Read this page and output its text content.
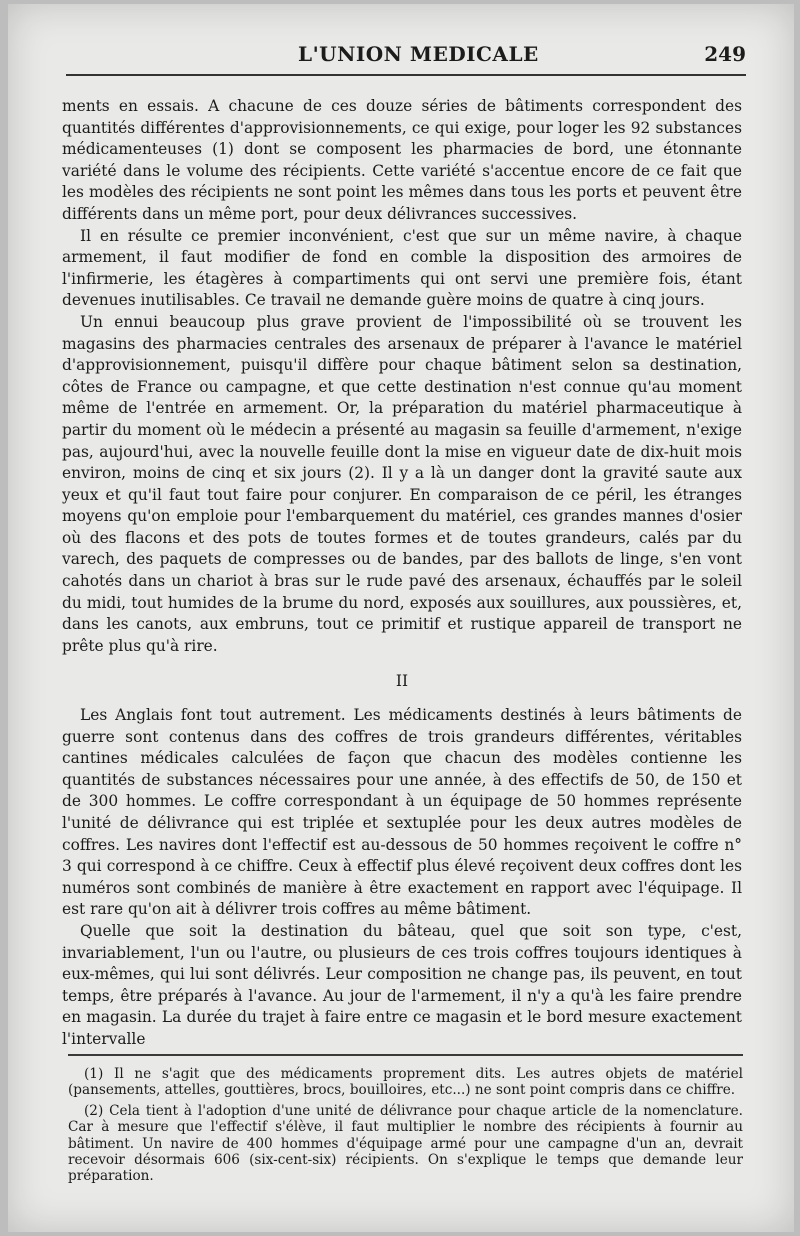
L'UNION MEDICALE	249

ments en essais. A chacune de ces douze séries de bâtiments correspondent des quantités différentes d'approvisionnements, ce qui exige, pour loger les 92 substances médicamenteuses (1) dont se composent les pharmacies de bord, une étonnante variété dans le volume des récipients. Cette variété s'accentue encore de ce fait que les modèles des récipients ne sont point les mêmes dans tous les ports et peuvent être différents dans un même port, pour deux délivrances successives.

Il en résulte ce premier inconvénient, c'est que sur un même navire, à chaque armement, il faut modifier de fond en comble la disposition des armoires de l'infirmerie, les étagères à compartiments qui ont servi une première fois, étant devenues inutilisables. Ce travail ne demande guère moins de quatre à cinq jours.

Un ennui beaucoup plus grave provient de l'impossibilité où se trouvent les magasins des pharmacies centrales des arsenaux de préparer à l'avance le matériel d'approvisionnement, puisqu'il diffère pour chaque bâtiment selon sa destination, côtes de France ou campagne, et que cette destination n'est connue qu'au moment même de l'entrée en armement. Or, la préparation du matériel pharmaceutique à partir du moment où le médecin a présenté au magasin sa feuille d'armement, n'exige pas, aujourd'hui, avec la nouvelle feuille dont la mise en vigueur date de dix-huit mois environ, moins de cinq et six jours (2). Il y a là un danger dont la gravité saute aux yeux et qu'il faut tout faire pour conjurer. En comparaison de ce péril, les étranges moyens qu'on emploie pour l'embarquement du matériel, ces grandes mannes d'osier où des flacons et des pots de toutes formes et de toutes grandeurs, calés par du varech, des paquets de compresses ou de bandes, par des ballots de linge, s'en vont cahotés dans un chariot à bras sur le rude pavé des arsenaux, échauffés par le soleil du midi, tout humides de la brume du nord, exposés aux souillures, aux poussières, et, dans les canots, aux embruns, tout ce primitif et rustique appareil de transport ne prête plus qu'à rire.

II

Les Anglais font tout autrement. Les médicaments destinés à leurs bâtiments de guerre sont contenus dans des coffres de trois grandeurs différentes, véritables cantines médicales calculées de façon que chacun des modèles contienne les quantités de substances nécessaires pour une année, à des effectifs de 50, de 150 et de 300 hommes. Le coffre correspondant à un équipage de 50 hommes représente l'unité de délivrance qui est triplée et sextuplée pour les deux autres modèles de coffres. Les navires dont l'effectif est au-dessous de 50 hommes reçoivent le coffre n° 3 qui correspond à ce chiffre. Ceux à effectif plus élevé reçoivent deux coffres dont les numéros sont combinés de manière à être exactement en rapport avec l'équipage. Il est rare qu'on ait à délivrer trois coffres au même bâtiment.

Quelle que soit la destination du bâteau, quel que soit son type, c'est, invariablement, l'un ou l'autre, ou plusieurs de ces trois coffres toujours identiques à eux-mêmes, qui lui sont délivrés. Leur composition ne change pas, ils peuvent, en tout temps, être préparés à l'avance. Au jour de l'armement, il n'y a qu'à les faire prendre en magasin. La durée du trajet à faire entre ce magasin et le bord mesure exactement l'intervalle

(1) Il ne s'agit que des médicaments proprement dits. Les autres objets de matériel (pansements, attelles, gouttières, brocs, bouilloires, etc...) ne sont point compris dans ce chiffre.

(2) Cela tient à l'adoption d'une unité de délivrance pour chaque article de la nomenclature. Car à mesure que l'effectif s'élève, il faut multiplier le nombre des récipients à fournir au bâtiment. Un navire de 400 hommes d'équipage armé pour une campagne d'un an, devrait recevoir désormais 606 (six-cent-six) récipients. On s'explique le temps que demande leur préparation.
